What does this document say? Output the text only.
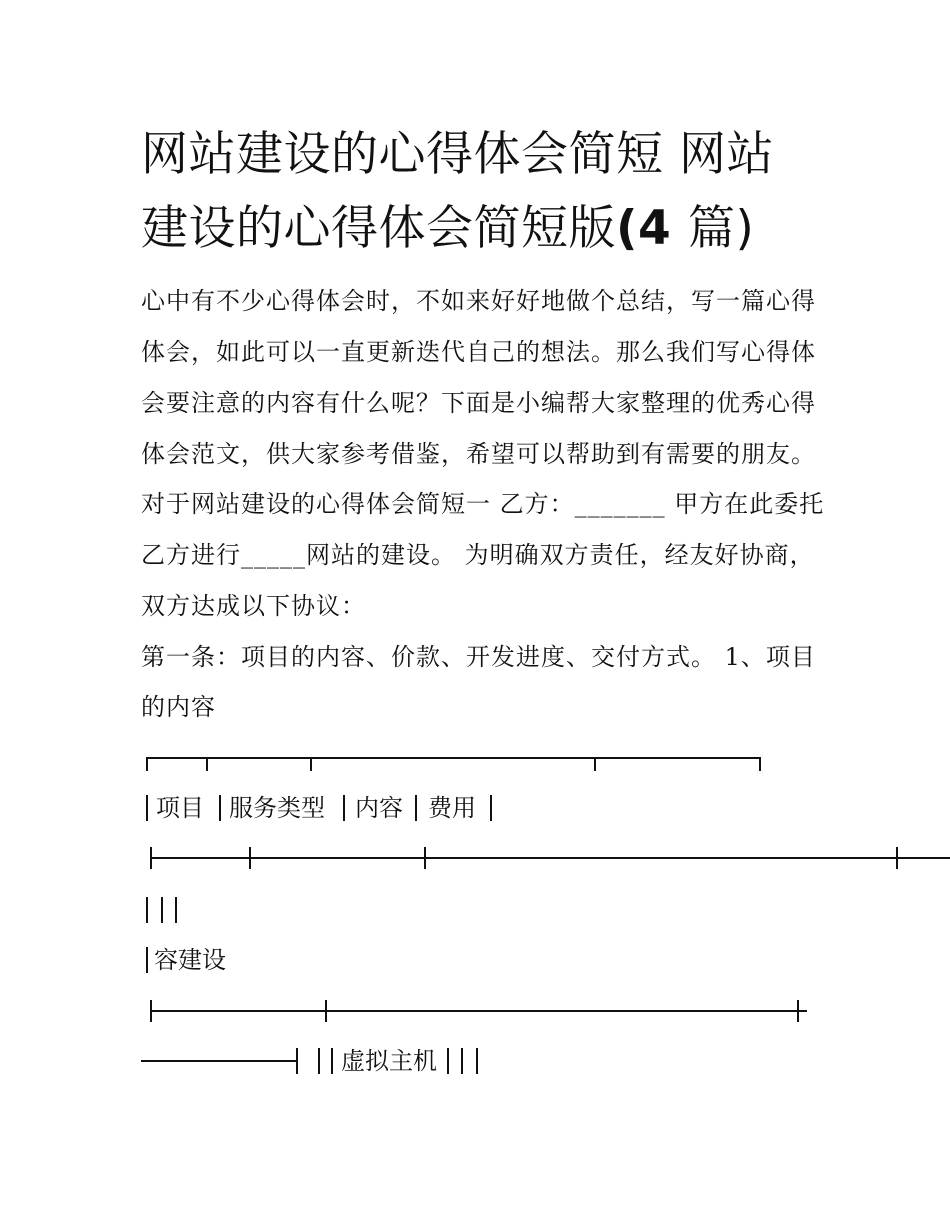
网站建设的心得体会简短 网站
建设的心得体会简短版(4 篇)

心中有不少心得体会时，不如来好好地做个总结，写一篇心得

体会，如此可以一直更新迭代自己的想法。那么我们写心得体

会要注意的内容有什么呢？下面是小编帮大家整理的优秀心得

体会范文，供大家参考借鉴，希望可以帮助到有需要的朋友。

对于网站建设的心得体会简短一 乙方：_______ 甲方在此委托

乙方进行_____网站的建设。 为明确双方责任，经友好协商，

双方达成以下协议：

第一条：项目的内容、价款、开发进度、交付方式。 1、项目

的内容

项目 服务类型 内容 费用
容建设
虚拟主机
